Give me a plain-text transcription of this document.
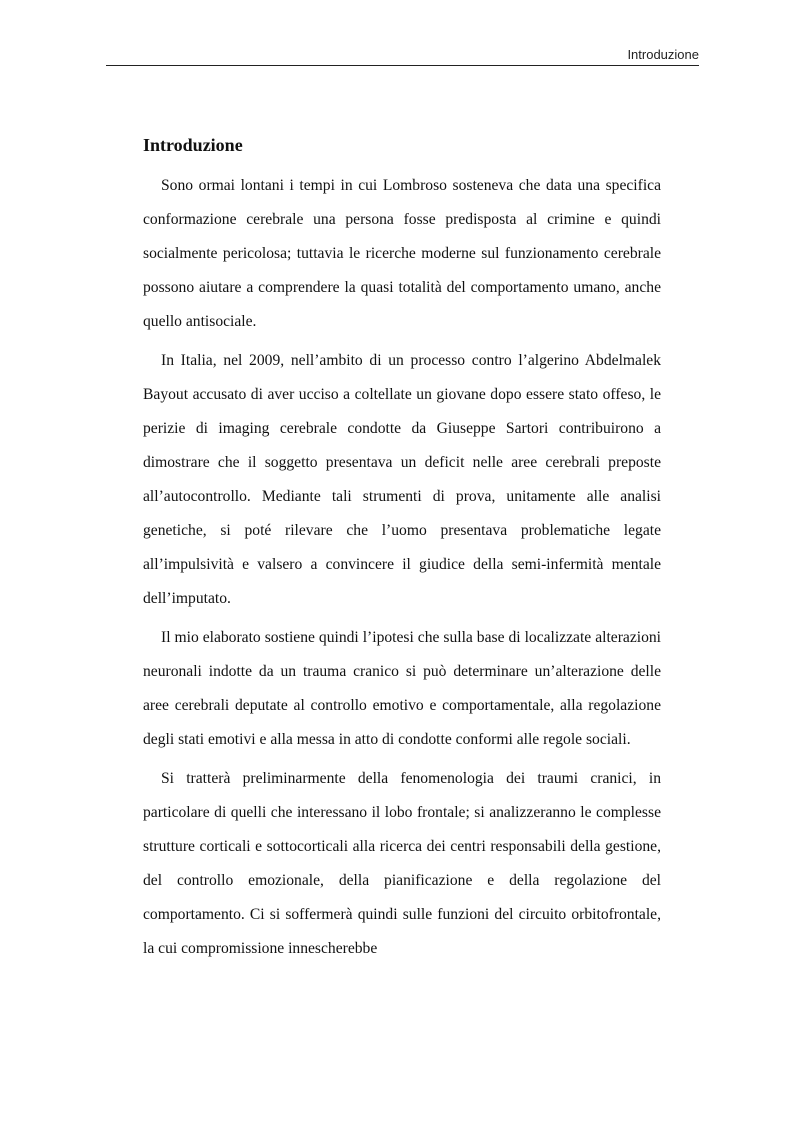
Introduzione
Introduzione

Sono ormai lontani i tempi in cui Lombroso sosteneva che data una specifica conformazione cerebrale una persona fosse predisposta al crimine e quindi socialmente pericolosa; tuttavia le ricerche moderne sul funzionamento cerebrale possono aiutare a comprendere la quasi totalità del comportamento umano, anche quello antisociale.

In Italia, nel 2009, nell’ambito di un processo contro l’algerino Abdelmalek Bayout accusato di aver ucciso a coltellate un giovane dopo essere stato offeso, le perizie di imaging cerebrale condotte da Giuseppe Sartori contribuirono a dimostrare che il soggetto presentava un deficit nelle aree cerebrali preposte all’autocontrollo. Mediante tali strumenti di prova, unitamente alle analisi genetiche, si poté rilevare che l’uomo presentava problematiche legate all’impulsività e valsero a convincere il giudice della semi-infermità mentale dell’imputato.

Il mio elaborato sostiene quindi l’ipotesi che sulla base di localizzate alterazioni neuronali indotte da un trauma cranico si può determinare un’alterazione delle aree cerebrali deputate al controllo emotivo e comportamentale, alla regolazione degli stati emotivi e alla messa in atto di condotte conformi alle regole sociali.

Si tratterà preliminarmente della fenomenologia dei traumi cranici, in particolare di quelli che interessano il lobo frontale; si analizzeranno le complesse strutture corticali e sottocorticali alla ricerca dei centri responsabili della gestione, del controllo emozionale, della pianificazione e della regolazione del comportamento. Ci si soffermerà quindi sulle funzioni del circuito orbitofrontale, la cui compromissione innescherebbe
